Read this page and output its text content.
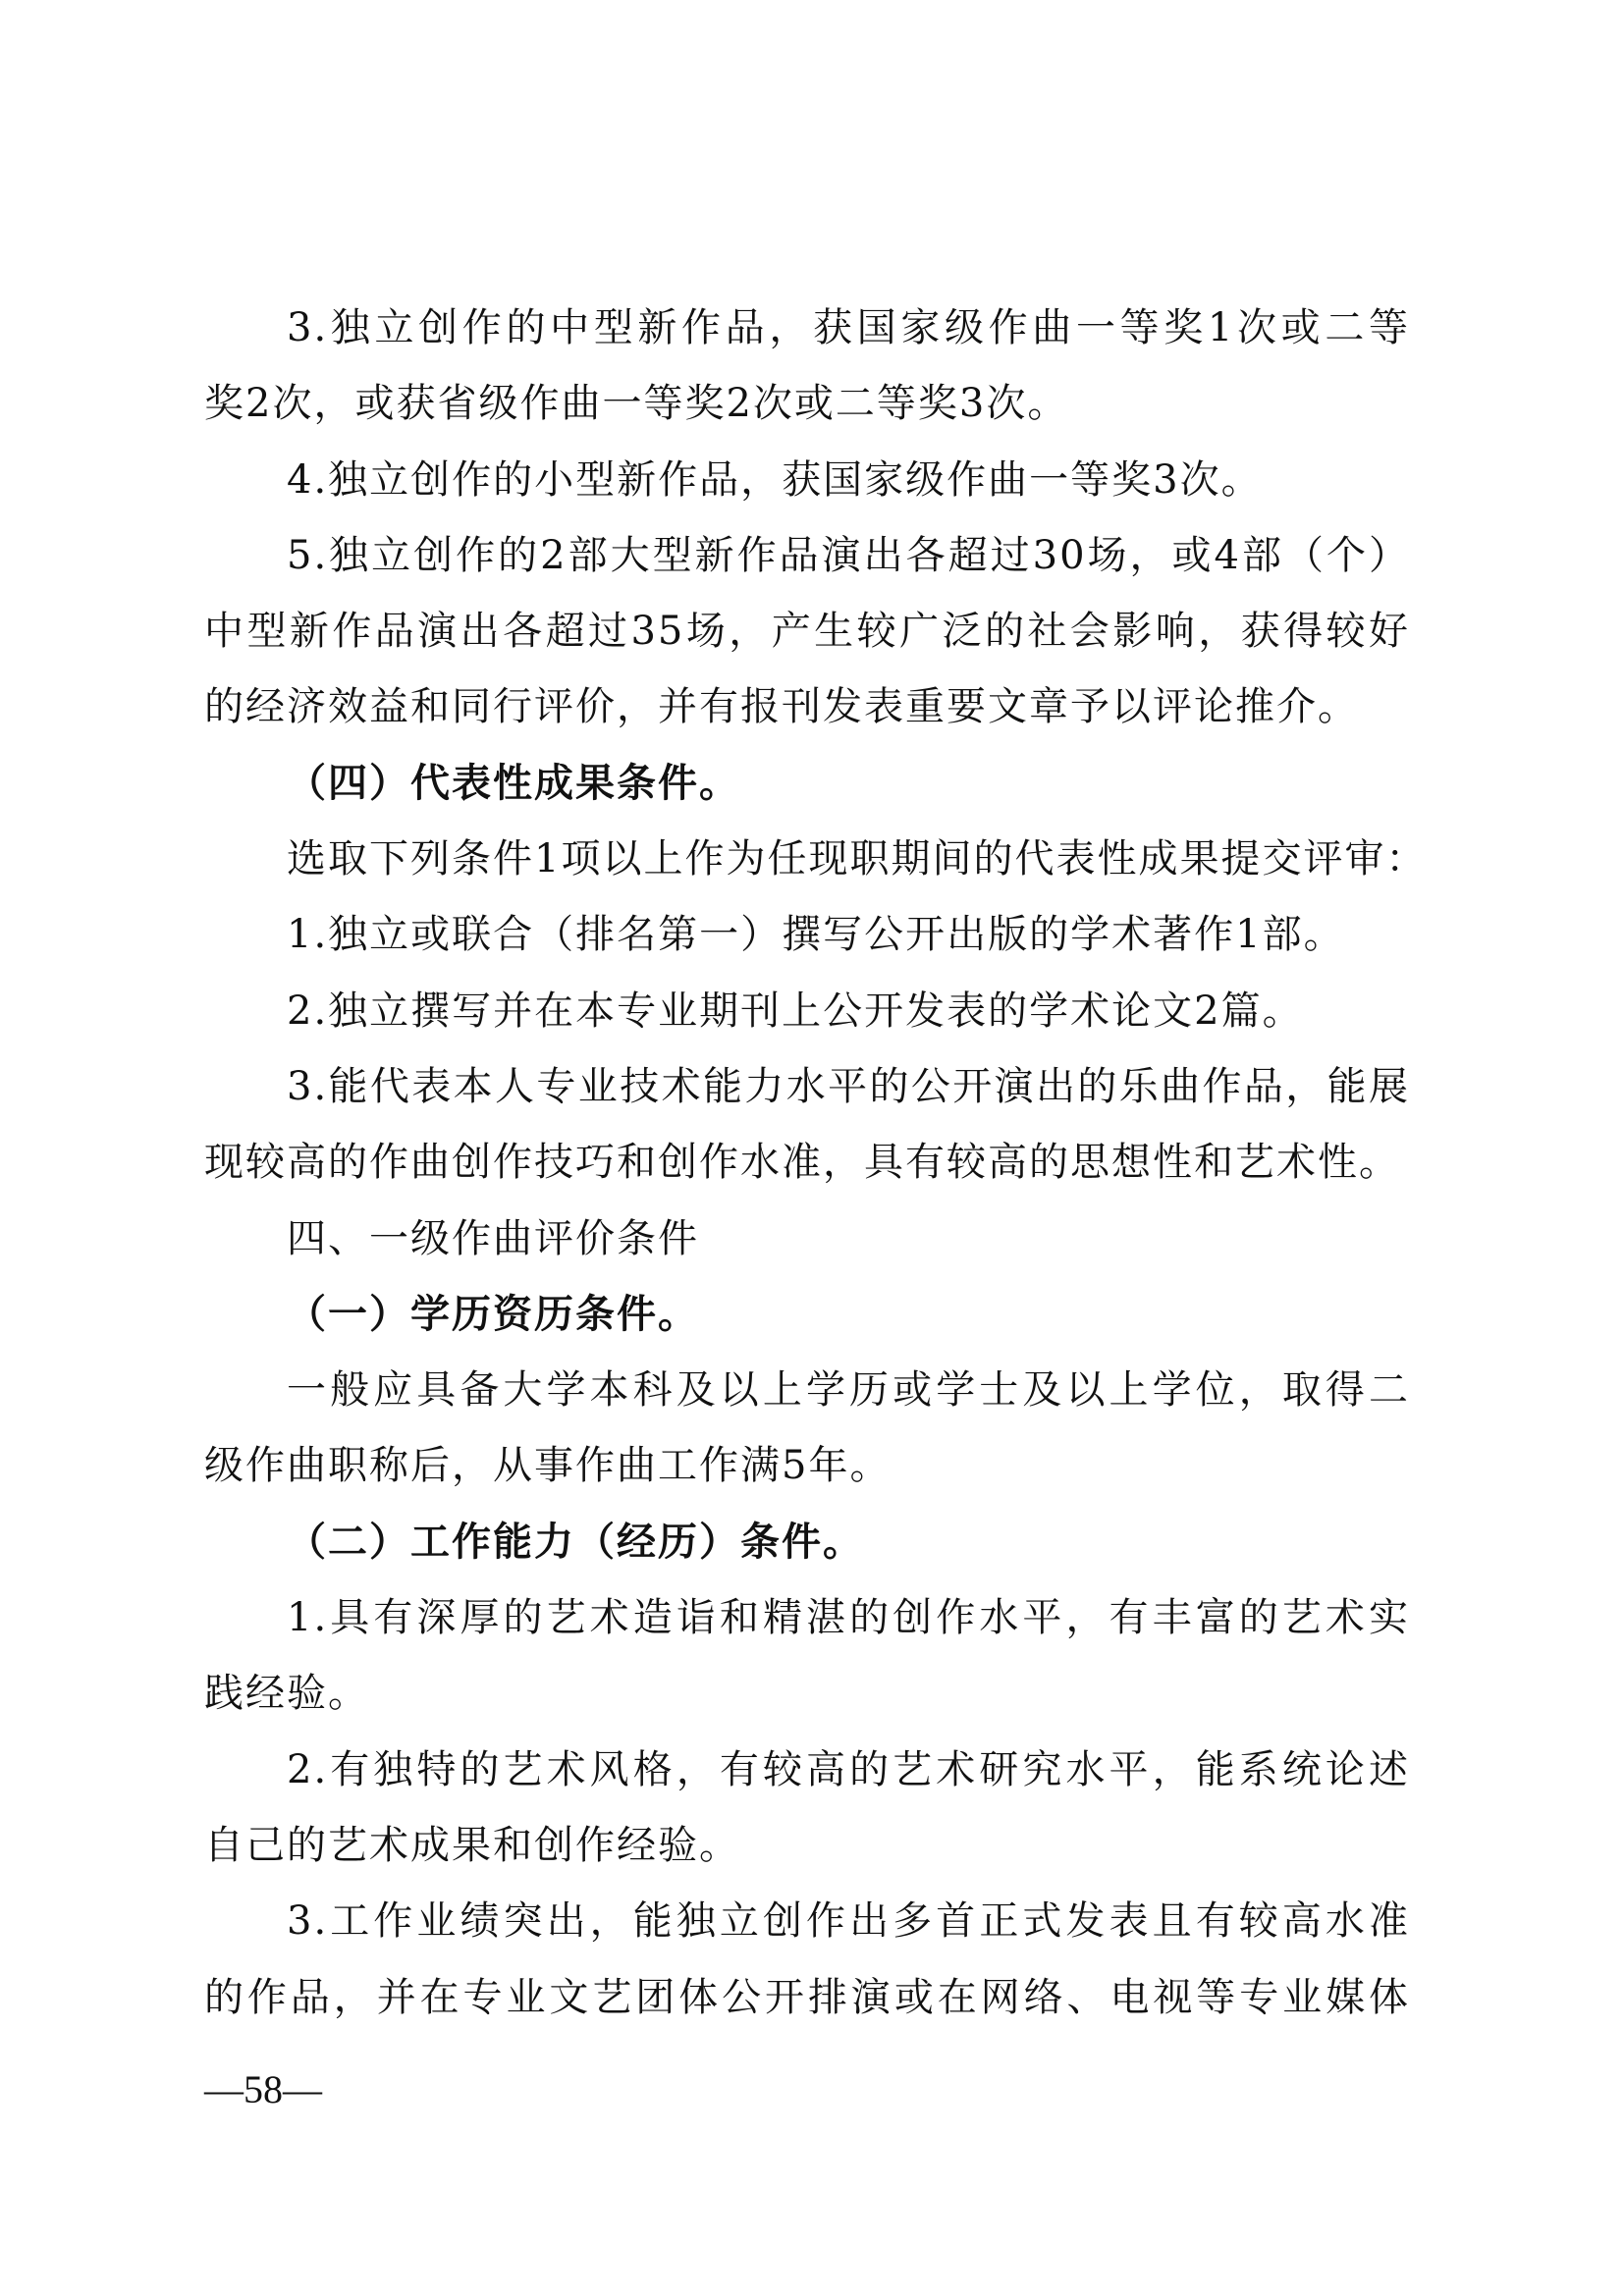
3.独立创作的中型新作品，获国家级作曲一等奖1次或二等
奖2次，或获省级作曲一等奖2次或二等奖3次。
4.独立创作的小型新作品，获国家级作曲一等奖3次。
5.独立创作的2部大型新作品演出各超过30场，或4部（个）
中型新作品演出各超过35场，产生较广泛的社会影响，获得较好
的经济效益和同行评价，并有报刊发表重要文章予以评论推介。
（四）代表性成果条件。
选取下列条件1项以上作为任现职期间的代表性成果提交评审：
1.独立或联合（排名第一）撰写公开出版的学术著作1部。
2.独立撰写并在本专业期刊上公开发表的学术论文2篇。
3.能代表本人专业技术能力水平的公开演出的乐曲作品，能展
现较高的作曲创作技巧和创作水准，具有较高的思想性和艺术性。
四、一级作曲评价条件
（一）学历资历条件。
一般应具备大学本科及以上学历或学士及以上学位，取得二
级作曲职称后，从事作曲工作满5年。
（二）工作能力（经历）条件。
1.具有深厚的艺术造诣和精湛的创作水平，有丰富的艺术实
践经验。
2.有独特的艺术风格，有较高的艺术研究水平，能系统论述
自己的艺术成果和创作经验。
3.工作业绩突出，能独立创作出多首正式发表且有较高水准
的作品，并在专业文艺团体公开排演或在网络、电视等专业媒体
—58—
